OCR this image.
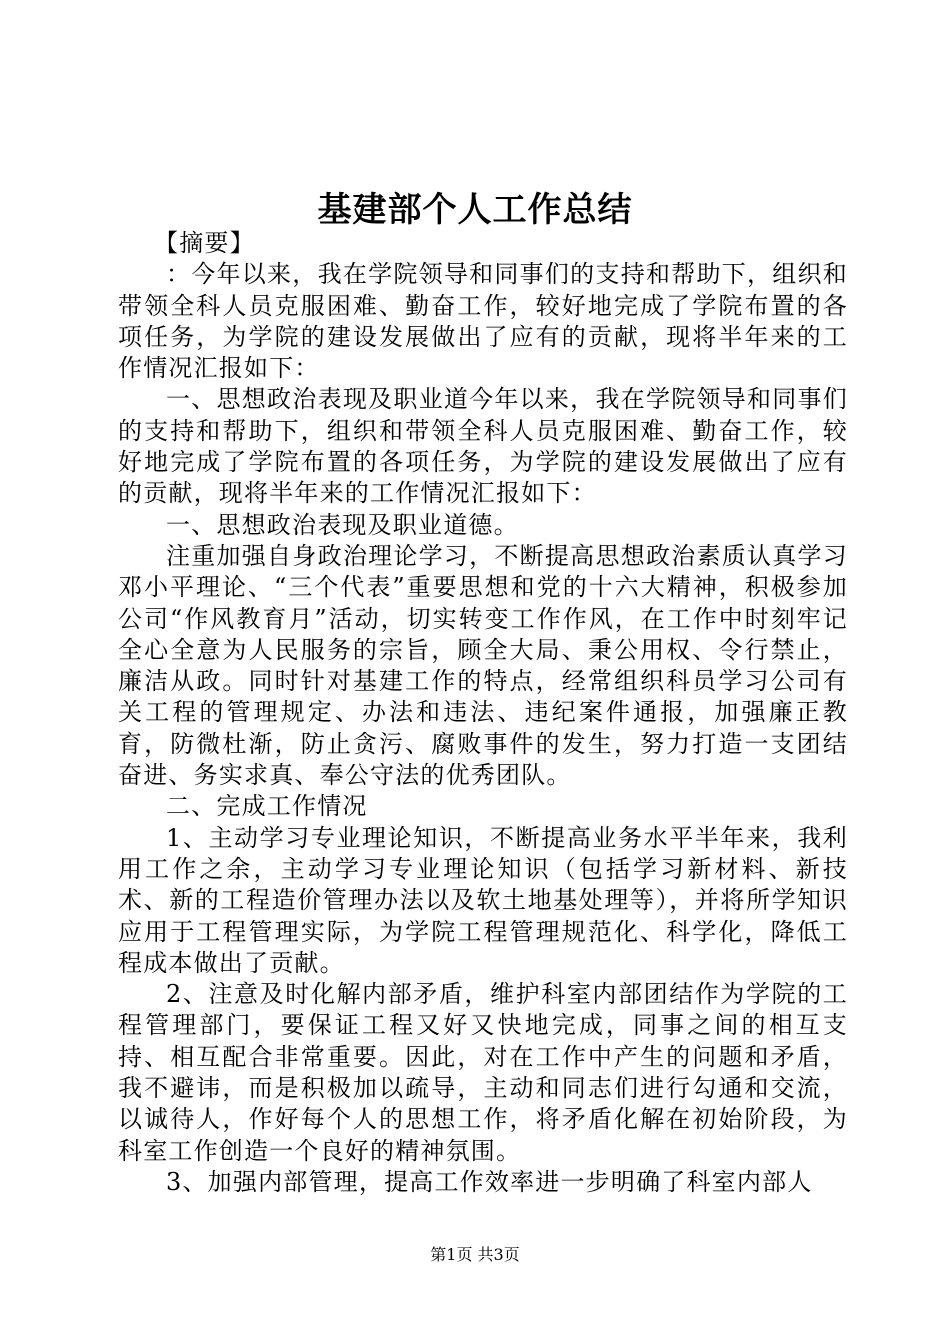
基建部个人工作总结

【摘要】

：今年以来，我在学院领导和同事们的支持和帮助下，组织和带领全科人员克服困难、勤奋工作，较好地完成了学院布置的各项任务，为学院的建设发展做出了应有的贡献，现将半年来的工作情况汇报如下：

一、思想政治表现及职业道今年以来，我在学院领导和同事们的支持和帮助下，组织和带领全科人员克服困难、勤奋工作，较好地完成了学院布置的各项任务，为学院的建设发展做出了应有的贡献，现将半年来的工作情况汇报如下：

一、思想政治表现及职业道德。

注重加强自身政治理论学习，不断提高思想政治素质认真学习邓小平理论、“三个代表”重要思想和党的十六大精神，积极参加公司“作风教育月”活动，切实转变工作作风，在工作中时刻牢记全心全意为人民服务的宗旨，顾全大局、秉公用权、令行禁止，廉洁从政。同时针对基建工作的特点，经常组织科员学习公司有关工程的管理规定、办法和违法、违纪案件通报，加强廉正教育，防微杜渐，防止贪污、腐败事件的发生，努力打造一支团结奋进、务实求真、奉公守法的优秀团队。

二、完成工作情况

1、主动学习专业理论知识，不断提高业务水平半年来，我利用工作之余，主动学习专业理论知识（包括学习新材料、新技术、新的工程造价管理办法以及软土地基处理等），并将所学知识应用于工程管理实际，为学院工程管理规范化、科学化，降低工程成本做出了贡献。

2、注意及时化解内部矛盾，维护科室内部团结作为学院的工程管理部门，要保证工程又好又快地完成，同事之间的相互支持、相互配合非常重要。因此，对在工作中产生的问题和矛盾，我不避讳，而是积极加以疏导，主动和同志们进行勾通和交流，以诚待人，作好每个人的思想工作，将矛盾化解在初始阶段，为科室工作创造一个良好的精神氛围。

3、加强内部管理，提高工作效率进一步明确了科室内部人

第1页 共3页
